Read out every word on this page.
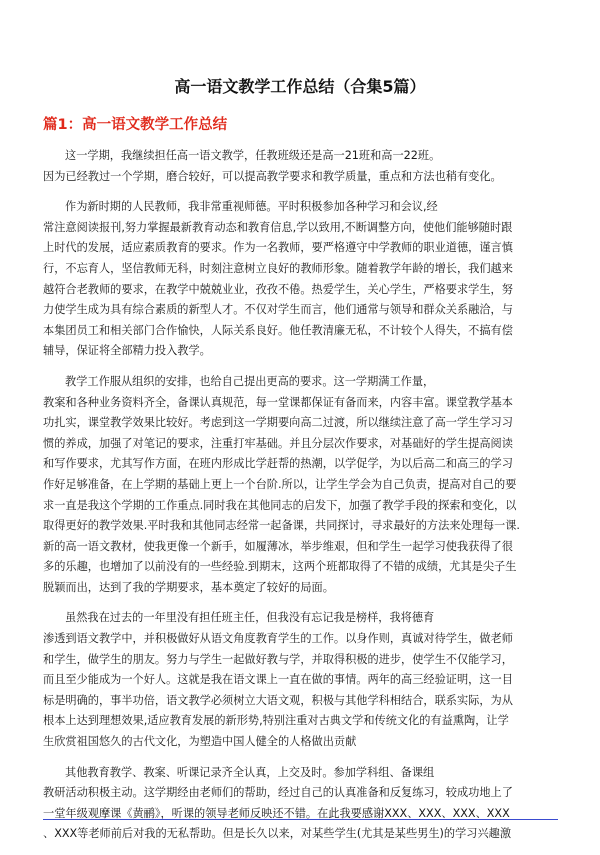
高一语文教学工作总结（合集5篇）
篇1：高一语文教学工作总结

这一学期，我继续担任高一语文教学，任教班级还是高一21班和高一22班。
因为已经教过一个学期，磨合较好，可以提高教学要求和教学质量，重点和方法也稍有变化。

作为新时期的人民教师，我非常重视师德。平时积极参加各种学习和会议,经
常注意阅读报刊,努力掌握最新教育动态和教育信息,学以致用,不断调整方向，使他们能够随时跟
上时代的发展，适应素质教育的要求。作为一名教师，要严格遵守中学教师的职业道德，谨言慎
行，不忘育人，坚信教师无科，时刻注意树立良好的教师形象。随着教学年龄的增长，我们越来
越符合老教师的要求，在教学中兢兢业业，孜孜不倦。热爱学生，关心学生，严格要求学生，努
力使学生成为具有综合素质的新型人才。不仅对学生而言，他们通常与领导和群众关系融洽，与
本集团员工和相关部门合作愉快，人际关系良好。他任教清廉无私，不计较个人得失，不搞有偿
辅导，保证将全部精力投入教学。

教学工作服从组织的安排，也给自己提出更高的要求。这一学期满工作量，
教案和各种业务资料齐全，备课认真规范，每一堂课都保证有备而来，内容丰富。课堂教学基本
功扎实，课堂教学效果比较好。考虑到这一学期要向高二过渡，所以继续注意了高一学生学习习
惯的养成，加强了对笔记的要求，注重打牢基础。并且分层次作要求，对基础好的学生提高阅读
和写作要求，尤其写作方面，在班内形成比学赶帮的热潮，以学促学，为以后高二和高三的学习
作好足够准备，在上学期的基础上更上一个台阶.所以，让学生学会为自己负责，提高对自己的要
求一直是我这个学期的工作重点.同时我在其他同志的启发下，加强了教学手段的探索和变化，以
取得更好的教学效果.平时我和其他同志经常一起备课，共同探讨，寻求最好的方法来处理每一课.
新的高一语文教材，使我更像一个新手，如履薄冰，举步维艰，但和学生一起学习使我获得了很
多的乐趣，也增加了以前没有的一些经验.到期末，这两个班都取得了不错的成绩，尤其是尖子生
脱颖而出，达到了我的学期要求，基本奠定了较好的局面。

虽然我在过去的一年里没有担任班主任，但我没有忘记我是榜样，我将德育
渗透到语文教学中，并积极做好从语文角度教育学生的工作。以身作则，真诚对待学生，做老师
和学生，做学生的朋友。努力与学生一起做好教与学，并取得积极的进步，使学生不仅能学习，
而且至少能成为一个好人。这就是我在语文课上一直在做的事情。两年的高三经验证明，这一目
标是明确的，事半功倍，语文教学必须树立大语文观，积极与其他学科相结合，联系实际，为从
根本上达到理想效果,适应教育发展的新形势,特别注重对古典文学和传统文化的有益熏陶，让学
生欣赏祖国悠久的古代文化，为塑造中国人健全的人格做出贡献

其他教育教学、教案、听课记录齐全认真，上交及时。参加学科组、备课组
教研活动积极主动。这学期经由老师们的帮助，经过自己的认真准备和反复练习，较成功地上了
一堂年级观摩课《黄鹂》，听课的领导老师反映还不错。在此我要感谢XXX、XXX、XXX、XXX
、XXX等老师前后对我的无私帮助。但是长久以来，对某些学生(尤其是某些男生)的学习兴趣激
